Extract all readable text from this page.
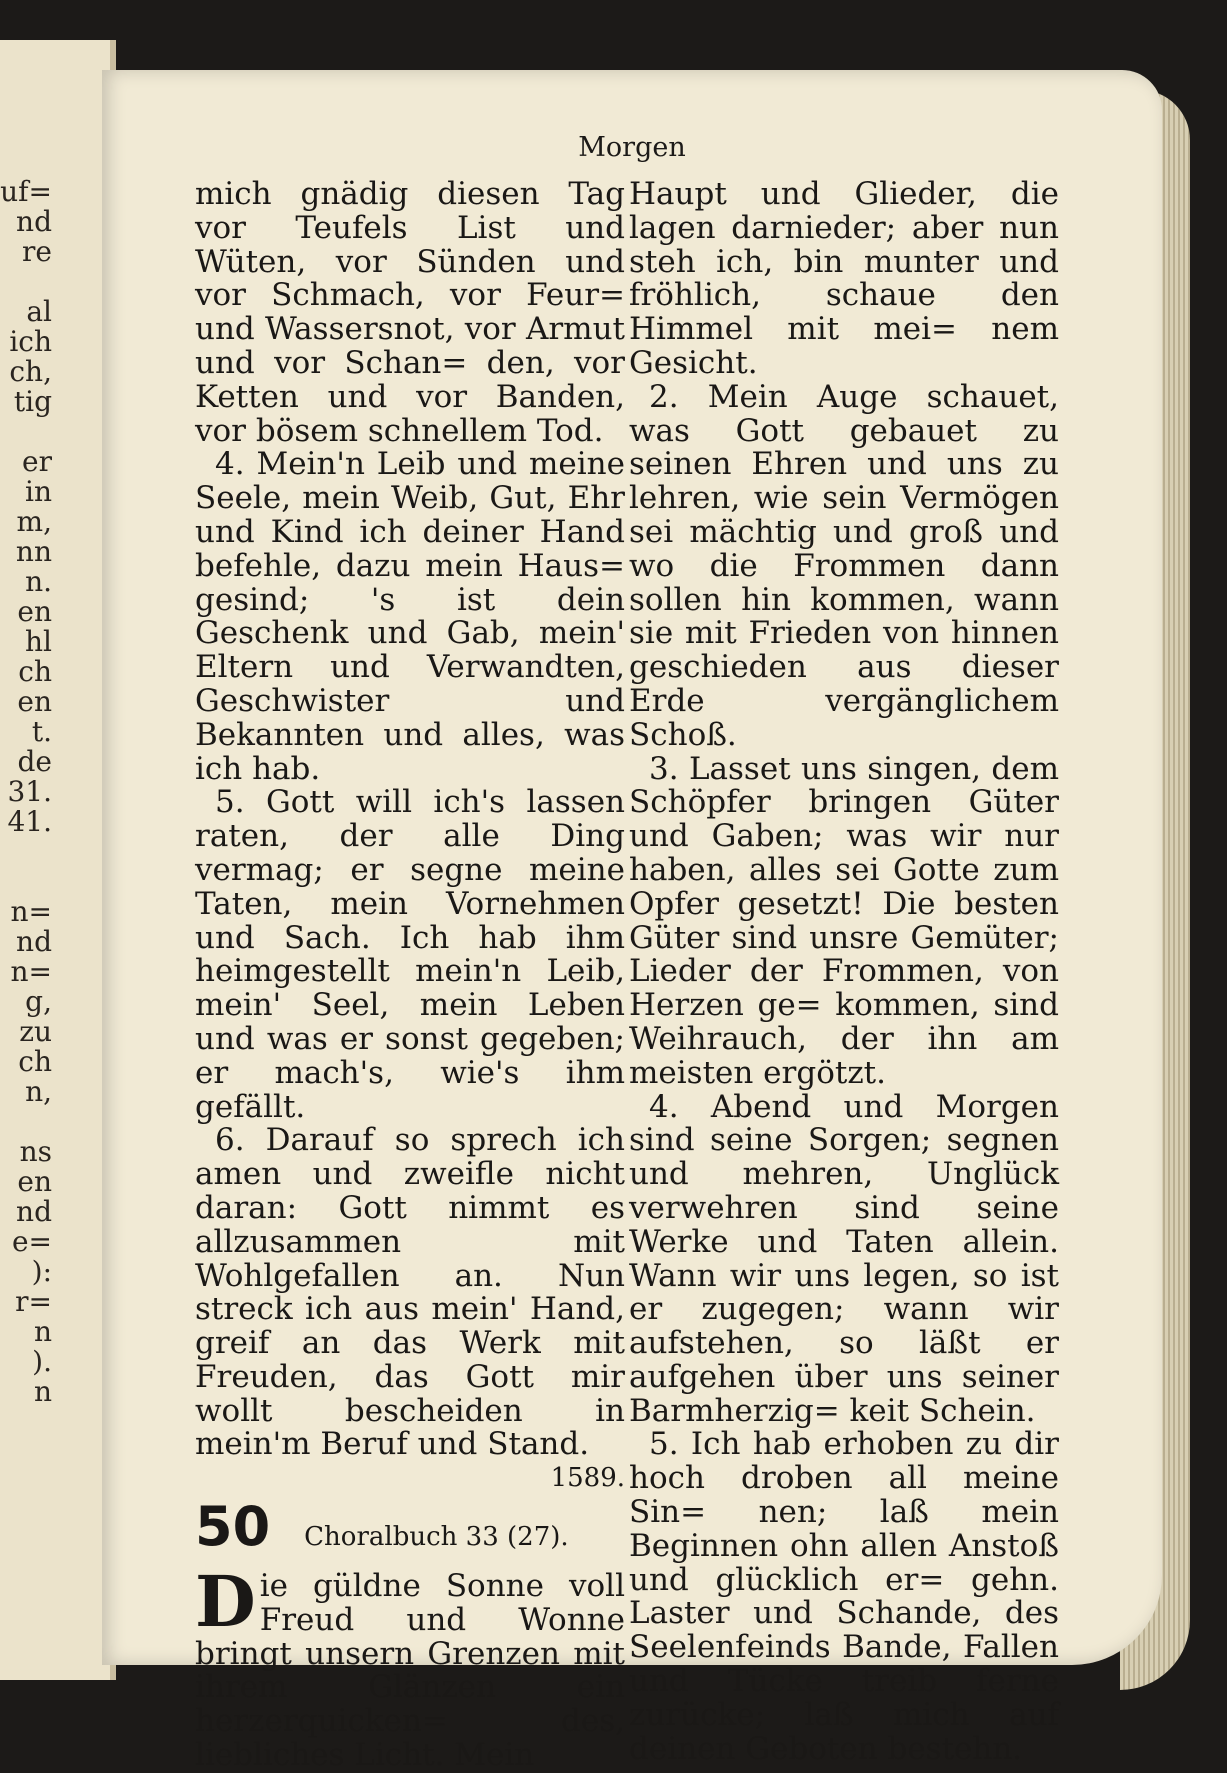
uf=
nd
re
al
ich
ch,
tig
er
in
m,
nn
n.
en
hl
ch
en
t.
de
31.
41.
n=
nd
n=
g,
zu
ch
n,
ns
en
nd
e=
):
r=
n
).
n
Morgen

mich gnädig diesen Tag vor Teufels List und Wüten, vor Sünden und vor Schmach, vor Feur= und Wassersnot, vor Armut und vor Schan= den, vor Ketten und vor Banden, vor bösem schnellem Tod.

4. Mein'n Leib und meine Seele, mein Weib, Gut, Ehr und Kind ich deiner Hand befehle, dazu mein Haus= gesind; 's ist dein Geschenk und Gab, mein' Eltern und Verwandten, Geschwister und Bekannten und alles, was ich hab.

5. Gott will ich's lassen raten, der alle Ding vermag; er segne meine Taten, mein Vornehmen und Sach. Ich hab ihm heimgestellt mein'n Leib, mein' Seel, mein Leben und was er sonst gegeben; er mach's, wie's ihm gefällt.

6. Darauf so sprech ich amen und zweifle nicht daran: Gott nimmt es allzusammen mit Wohlgefallen an. Nun streck ich aus mein' Hand, greif an das Werk mit Freuden, das Gott mir wollt bescheiden in mein'm Beruf und Stand.

1589.

50 Choralbuch 33 (27).

Die güldne Sonne voll Freud und Wonne bringt unsern Grenzen mit ihrem Glänzen ein herzerquicken= des, liebliches Licht. Mein

Haupt und Glieder, die lagen darnieder; aber nun steh ich, bin munter und fröhlich, schaue den Himmel mit mei= nem Gesicht.

2. Mein Auge schauet, was Gott gebauet zu seinen Ehren und uns zu lehren, wie sein Vermögen sei mächtig und groß und wo die Frommen dann sollen hin kommen, wann sie mit Frieden von hinnen geschieden aus dieser Erde vergänglichem Schoß.

3. Lasset uns singen, dem Schöpfer bringen Güter und Gaben; was wir nur haben, alles sei Gotte zum Opfer gesetzt! Die besten Güter sind unsre Gemüter; Lieder der Frommen, von Herzen ge= kommen, sind Weihrauch, der ihn am meisten ergötzt.

4. Abend und Morgen sind seine Sorgen; segnen und mehren, Unglück verwehren sind seine Werke und Taten allein. Wann wir uns legen, so ist er zugegen; wann wir aufstehen, so läßt er aufgehen über uns seiner Barmherzig= keit Schein.

5. Ich hab erhoben zu dir hoch droben all meine Sin= nen; laß mein Beginnen ohn allen Anstoß und glücklich er= gehn. Laster und Schande, des Seelenfeinds Bande, Fallen und Tücke treib ferne zurücke; laß mich auf deinen Geboten bestehn.
